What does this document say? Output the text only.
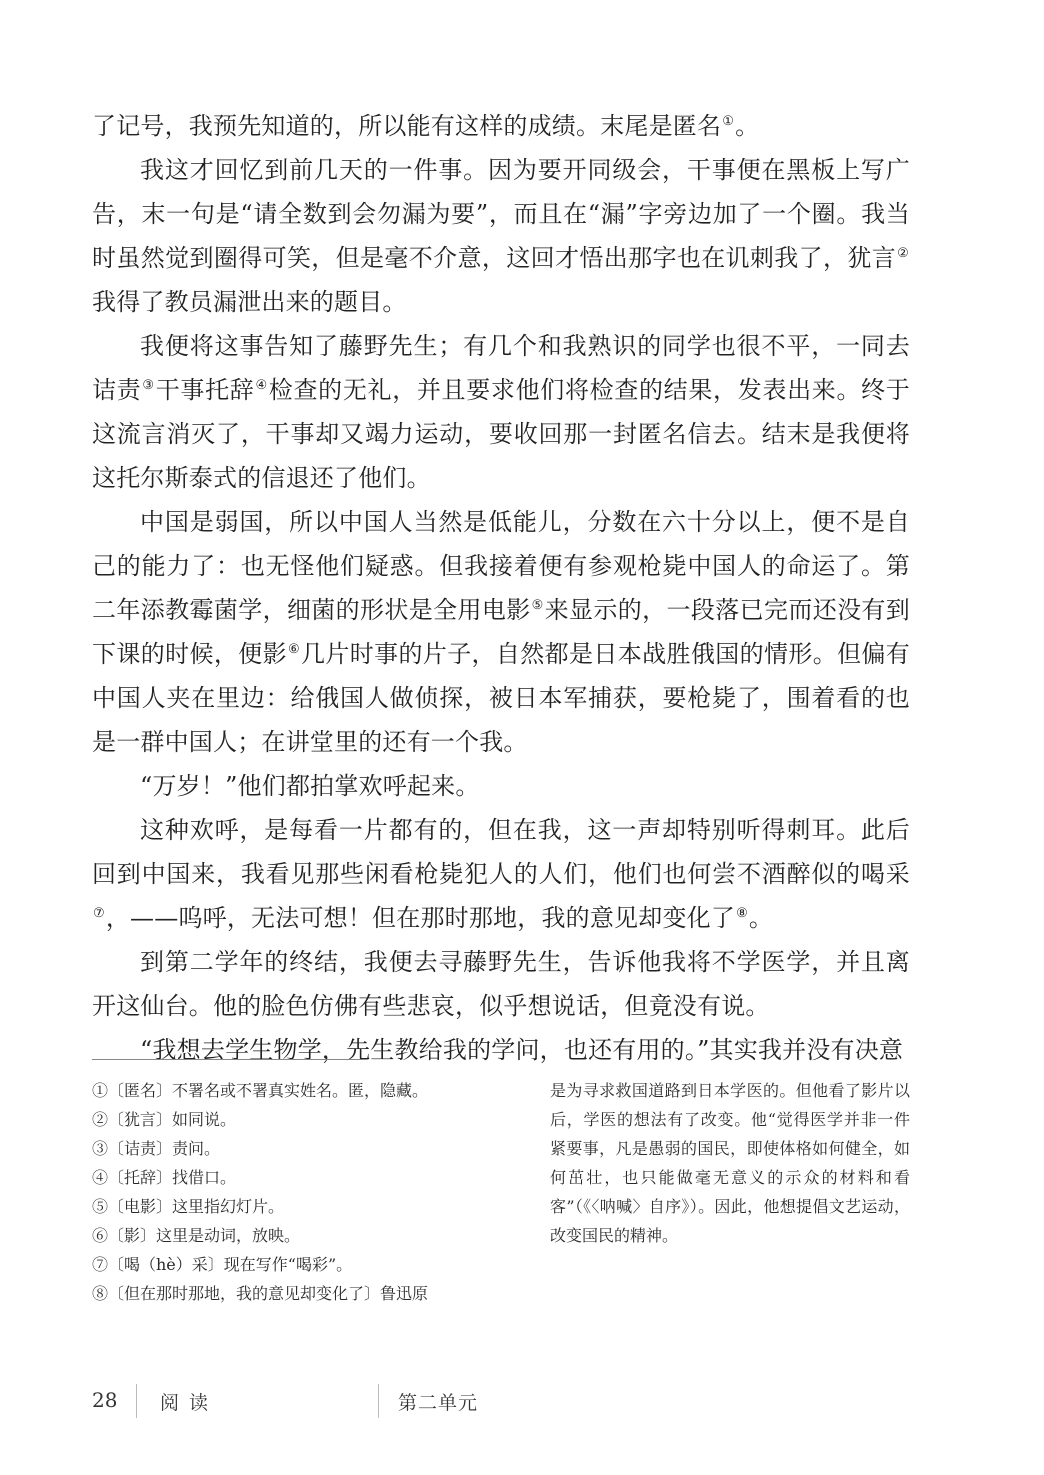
了记号，我预先知道的，所以能有这样的成绩。末尾是匿名①。

我这才回忆到前几天的一件事。因为要开同级会，干事便在黑板上写广告，末一句是“请全数到会勿漏为要”，而且在“漏”字旁边加了一个圈。我当时虽然觉到圈得可笑，但是毫不介意，这回才悟出那字也在讥刺我了，犹言②我得了教员漏泄出来的题目。

我便将这事告知了藤野先生；有几个和我熟识的同学也很不平，一同去诘责③干事托辞④检查的无礼，并且要求他们将检查的结果，发表出来。终于这流言消灭了，干事却又竭力运动，要收回那一封匿名信去。结末是我便将这托尔斯泰式的信退还了他们。

中国是弱国，所以中国人当然是低能儿，分数在六十分以上，便不是自己的能力了：也无怪他们疑惑。但我接着便有参观枪毙中国人的命运了。第二年添教霉菌学，细菌的形状是全用电影⑤来显示的，一段落已完而还没有到下课的时候，便影⑥几片时事的片子，自然都是日本战胜俄国的情形。但偏有中国人夹在里边：给俄国人做侦探，被日本军捕获，要枪毙了，围着看的也是一群中国人；在讲堂里的还有一个我。

“万岁！”他们都拍掌欢呼起来。

这种欢呼，是每看一片都有的，但在我，这一声却特别听得刺耳。此后回到中国来，我看见那些闲看枪毙犯人的人们，他们也何尝不酒醉似的喝采⑦，——呜呼，无法可想！但在那时那地，我的意见却变化了⑧。

到第二学年的终结，我便去寻藤野先生，告诉他我将不学医学，并且离开这仙台。他的脸色仿佛有些悲哀，似乎想说话，但竟没有说。

“我想去学生物学，先生教给我的学问，也还有用的。”其实我并没有决意

①〔匿名〕不署名或不署真实姓名。匿，隐藏。
②〔犹言〕如同说。
③〔诘责〕责问。
④〔托辞〕找借口。
⑤〔电影〕这里指幻灯片。
⑥〔影〕这里是动词，放映。
⑦〔喝（hè）采〕现在写作“喝彩”。
⑧〔但在那时那地，我的意见却变化了〕鲁迅原
是为寻求救国道路到日本学医的。但他看了影片以后，学医的想法有了改变。他“觉得医学并非一件紧要事，凡是愚弱的国民，即使体格如何健全，如何茁壮，也只能做毫无意义的示众的材料和看客”（《〈呐喊〉自序》）。因此，他想提倡文艺运动，改变国民的精神。
28 阅读	第二单元
